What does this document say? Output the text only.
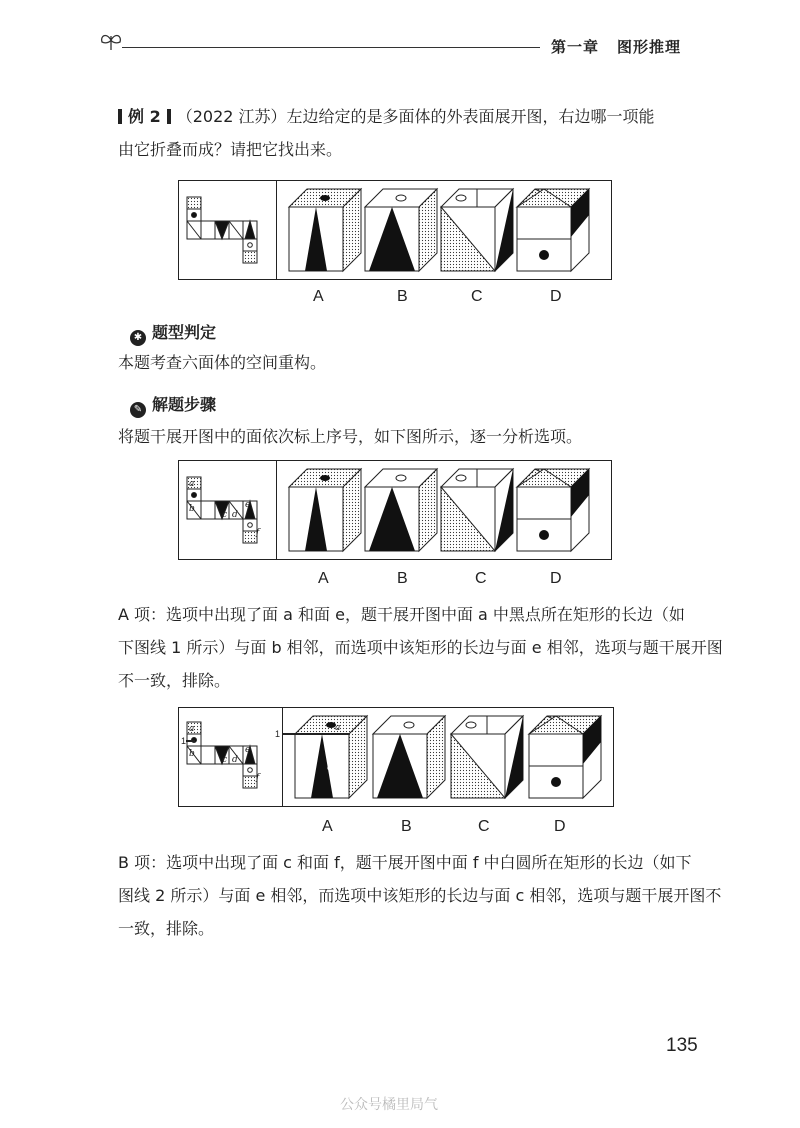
第一章 图形推理
例 2 （2022 江苏）左边给定的是多面体的外表面展开图，右边哪一项能
由它折叠而成？请把它找出来。
A	B	C	D
✱ 题型判定
本题考查六面体的空间重构。
✎ 解题步骤
将题干展开图中的面依次标上序号，如下图所示，逐一分析选项。
a
b
c d
e
f
A	B	C	D
A 项：选项中出现了面 a 和面 e，题干展开图中面 a 中黑点所在矩形的长边（如
下图线 1 所示）与面 b 相邻，而选项中该矩形的长边与面 e 相邻，选项与题干展开图
不一致，排除。
a
b
c d
e
f
1
a
e
1
A	B	C	D
B 项：选项中出现了面 c 和面 f，题干展开图中面 f 中白圆所在矩形的长边（如下
图线 2 所示）与面 e 相邻，而选项中该矩形的长边与面 c 相邻，选项与题干展开图不
一致，排除。
135
公众号橘里局气
